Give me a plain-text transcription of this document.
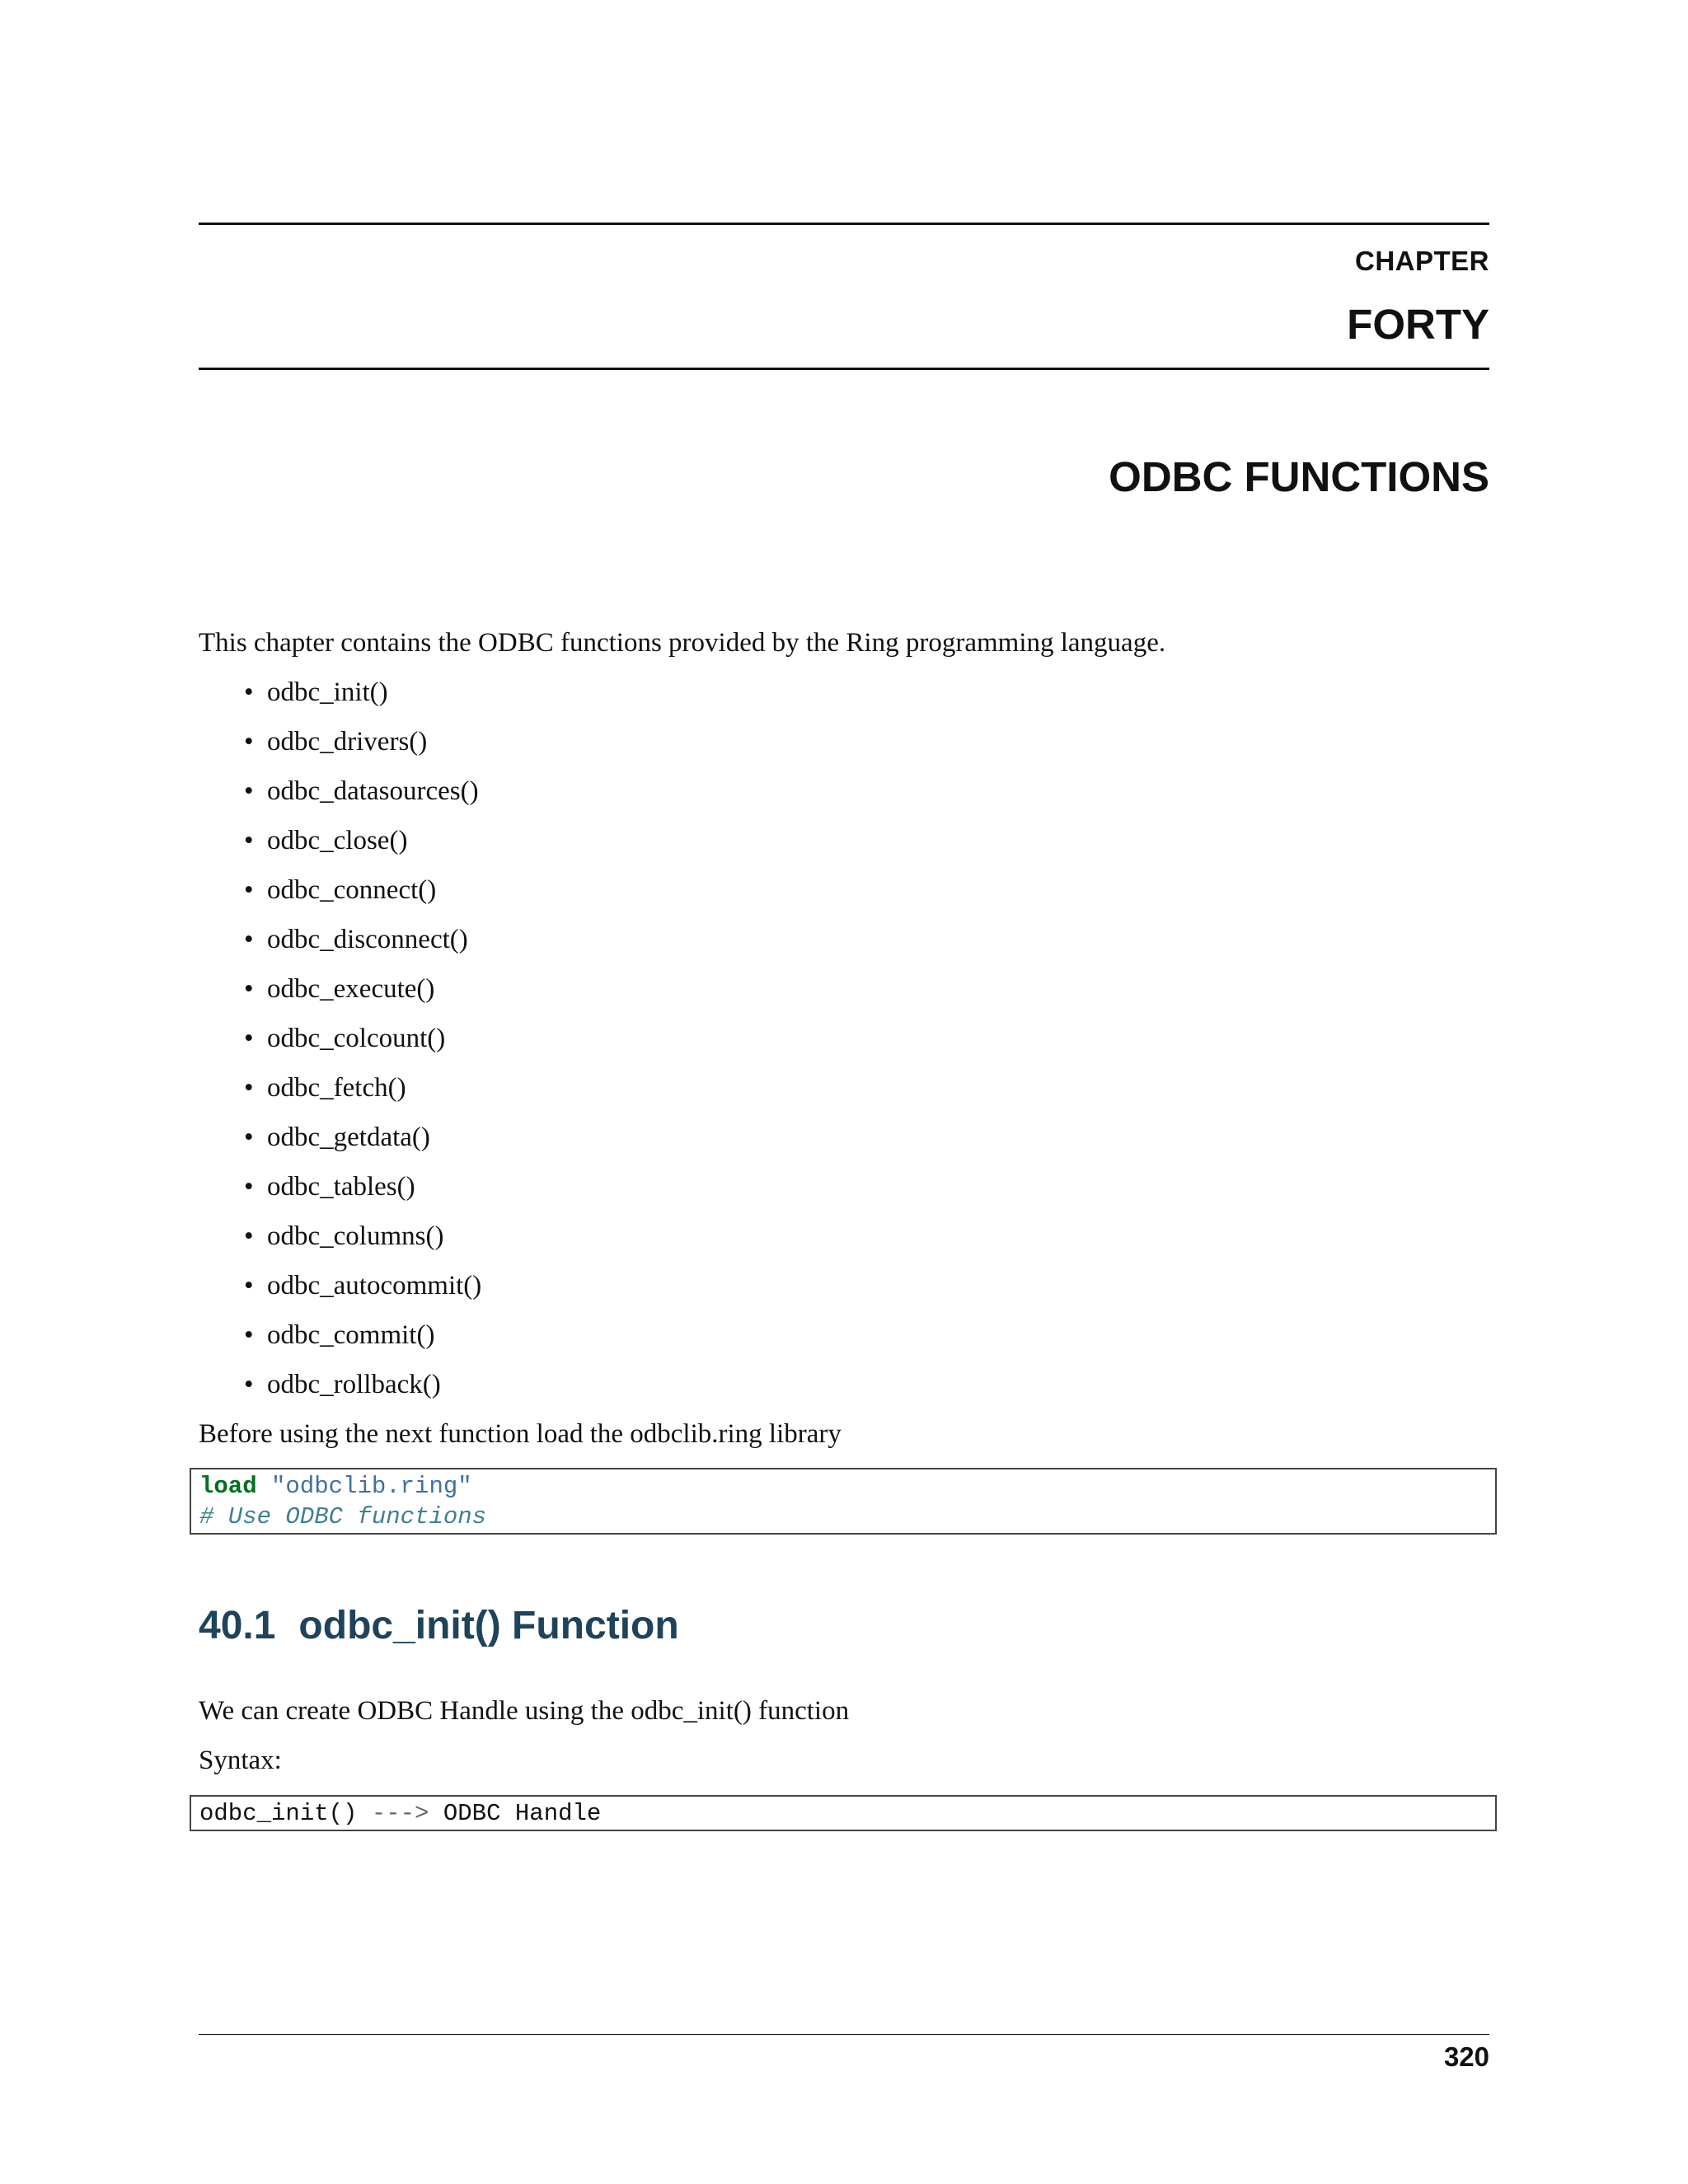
CHAPTER
FORTY
ODBC FUNCTIONS
This chapter contains the ODBC functions provided by the Ring programming language.
• odbc_init()
• odbc_drivers()
• odbc_datasources()
• odbc_close()
• odbc_connect()
• odbc_disconnect()
• odbc_execute()
• odbc_colcount()
• odbc_fetch()
• odbc_getdata()
• odbc_tables()
• odbc_columns()
• odbc_autocommit()
• odbc_commit()
• odbc_rollback()
Before using the next function load the odbclib.ring library
load "odbclib.ring"
# Use ODBC functions
40.1 odbc_init() Function
We can create ODBC Handle using the odbc_init() function
Syntax:
odbc_init() ---> ODBC Handle
320
